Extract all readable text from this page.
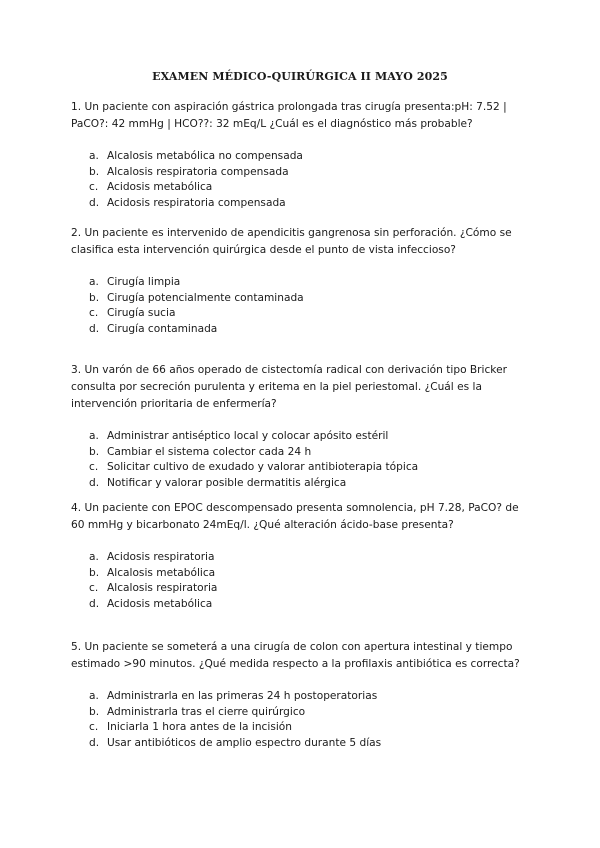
EXAMEN MÉDICO-QUIRÚRGICA II MAYO 2025

1. Un paciente con aspiración gástrica prolongada tras cirugía presenta:pH: 7.52 | PaCO?: 42 mmHg | HCO??: 32 mEq/L ¿Cuál es el diagnóstico más probable?

a. Alcalosis metabólica no compensada
b. Alcalosis respiratoria compensada
c. Acidosis metabólica
d. Acidosis respiratoria compensada

2. Un paciente es intervenido de apendicitis gangrenosa sin perforación. ¿Cómo se clasifica esta intervención quirúrgica desde el punto de vista infeccioso?

a. Cirugía limpia
b. Cirugía potencialmente contaminada
c. Cirugía sucia
d. Cirugía contaminada

3. Un varón de 66 años operado de cistectomía radical con derivación tipo Bricker consulta por secreción purulenta y eritema en la piel periestomal. ¿Cuál es la intervención prioritaria de enfermería?

a. Administrar antiséptico local y colocar apósito estéril
b. Cambiar el sistema colector cada 24 h
c. Solicitar cultivo de exudado y valorar antibioterapia tópica
d. Notificar y valorar posible dermatitis alérgica

4. Un paciente con EPOC descompensado presenta somnolencia, pH 7.28, PaCO? de 60 mmHg y bicarbonato 24mEq/l. ¿Qué alteración ácido-base presenta?

a. Acidosis respiratoria
b. Alcalosis metabólica
c. Alcalosis respiratoria
d. Acidosis metabólica

5. Un paciente se someterá a una cirugía de colon con apertura intestinal y tiempo estimado >90 minutos. ¿Qué medida respecto a la profilaxis antibiótica es correcta?

a. Administrarla en las primeras 24 h postoperatorias
b. Administrarla tras el cierre quirúrgico
c. Iniciarla 1 hora antes de la incisión
d. Usar antibióticos de amplio espectro durante 5 días
